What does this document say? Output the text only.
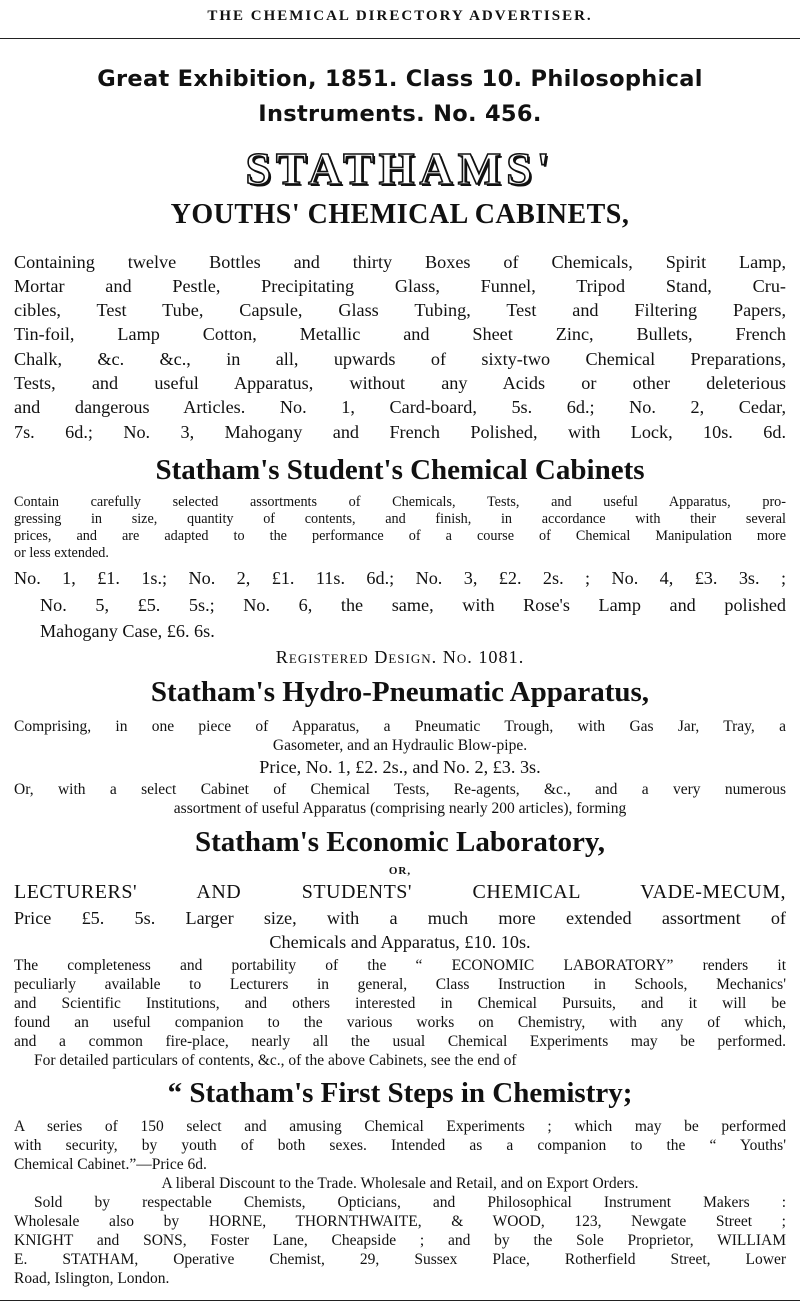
THE CHEMICAL DIRECTORY ADVERTISER.
Great Exhibition, 1851. Class 10. Philosophical
Instruments. No. 456.
STATHAMS'
YOUTHS' CHEMICAL CABINETS,
Containing twelve Bottles and thirty Boxes of Chemicals, Spirit Lamp,
Mortar and Pestle, Precipitating Glass, Funnel, Tripod Stand, Cru-
cibles, Test Tube, Capsule, Glass Tubing, Test and Filtering Papers,
Tin-foil, Lamp Cotton, Metallic and Sheet Zinc, Bullets, French
Chalk, &c. &c., in all, upwards of sixty-two Chemical Preparations,
Tests, and useful Apparatus, without any Acids or other deleterious
and dangerous Articles. No. 1, Card-board, 5s. 6d.; No. 2, Cedar,
7s. 6d.; No. 3, Mahogany and French Polished, with Lock, 10s. 6d.
Statham's Student's Chemical Cabinets
Contain carefully selected assortments of Chemicals, Tests, and useful Apparatus, pro-
gressing in size, quantity of contents, and finish, in accordance with their several
prices, and are adapted to the performance of a course of Chemical Manipulation more
or less extended.
No. 1, £1. 1s.; No. 2, £1. 11s. 6d.; No. 3, £2. 2s. ; No. 4, £3. 3s. ;
No. 5, £5. 5s.; No. 6, the same, with Rose's Lamp and polished
Mahogany Case, £6. 6s.
Registered Design. No. 1081.
Statham's Hydro-Pneumatic Apparatus,
Comprising, in one piece of Apparatus, a Pneumatic Trough, with Gas Jar, Tray, a
Gasometer, and an Hydraulic Blow-pipe.
Price, No. 1, £2. 2s., and No. 2, £3. 3s.
Or, with a select Cabinet of Chemical Tests, Re-agents, &c., and a very numerous
assortment of useful Apparatus (comprising nearly 200 articles), forming
Statham's Economic Laboratory,
OR,
LECTURERS' AND STUDENTS' CHEMICAL VADE-MECUM,
Price £5. 5s. Larger size, with a much more extended assortment of
Chemicals and Apparatus, £10. 10s.
The completeness and portability of the “ ECONOMIC LABORATORY” renders it
peculiarly available to Lecturers in general, Class Instruction in Schools, Mechanics'
and Scientific Institutions, and others interested in Chemical Pursuits, and it will be
found an useful companion to the various works on Chemistry, with any of which,
and a common fire-place, nearly all the usual Chemical Experiments may be performed.
For detailed particulars of contents, &c., of the above Cabinets, see the end of
“ Statham's First Steps in Chemistry;
A series of 150 select and amusing Chemical Experiments ; which may be performed
with security, by youth of both sexes. Intended as a companion to the “ Youths'
Chemical Cabinet.”—Price 6d.
A liberal Discount to the Trade. Wholesale and Retail, and on Export Orders.
Sold by respectable Chemists, Opticians, and Philosophical Instrument Makers :
Wholesale also by HORNE, THORNTHWAITE, & WOOD, 123, Newgate Street ;
KNIGHT and SONS, Foster Lane, Cheapside ; and by the Sole Proprietor, WILLIAM
E. STATHAM, Operative Chemist, 29, Sussex Place, Rotherfield Street, Lower
Road, Islington, London.
